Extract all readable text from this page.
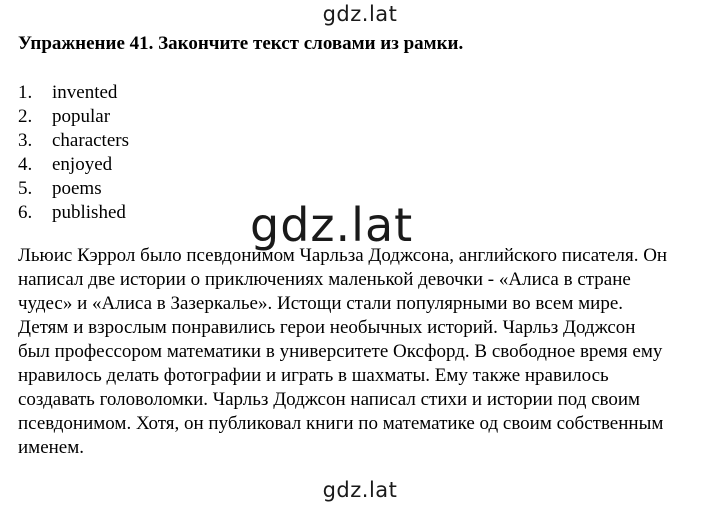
gdz.lat
Упражнение 41. Закончите текст словами из рамки.
1.	invented
2.	popular
3.	characters
4.	enjoyed
5.	poems
6.	published	gdz.lat

Льюис Кэррол было псевдонимом Чарльза Доджсона, английского писателя. Он
написал две истории о приключениях маленькой девочки - «Алиса в стране
чудес» и «Алиса в Зазеркалье». Истощи стали популярными во всем мире.
Детям и взрослым понравились герои необычных историй. Чарльз Доджсон
был профессором математики в университете Оксфорд. В свободное время ему
нравилось делать фотографии и играть в шахматы. Ему также нравилось
создавать головоломки. Чарльз Доджсон написал стихи и истории под своим
псевдонимом. Хотя, он публиковал книги по математике од своим собственным
именем.

gdz.lat
